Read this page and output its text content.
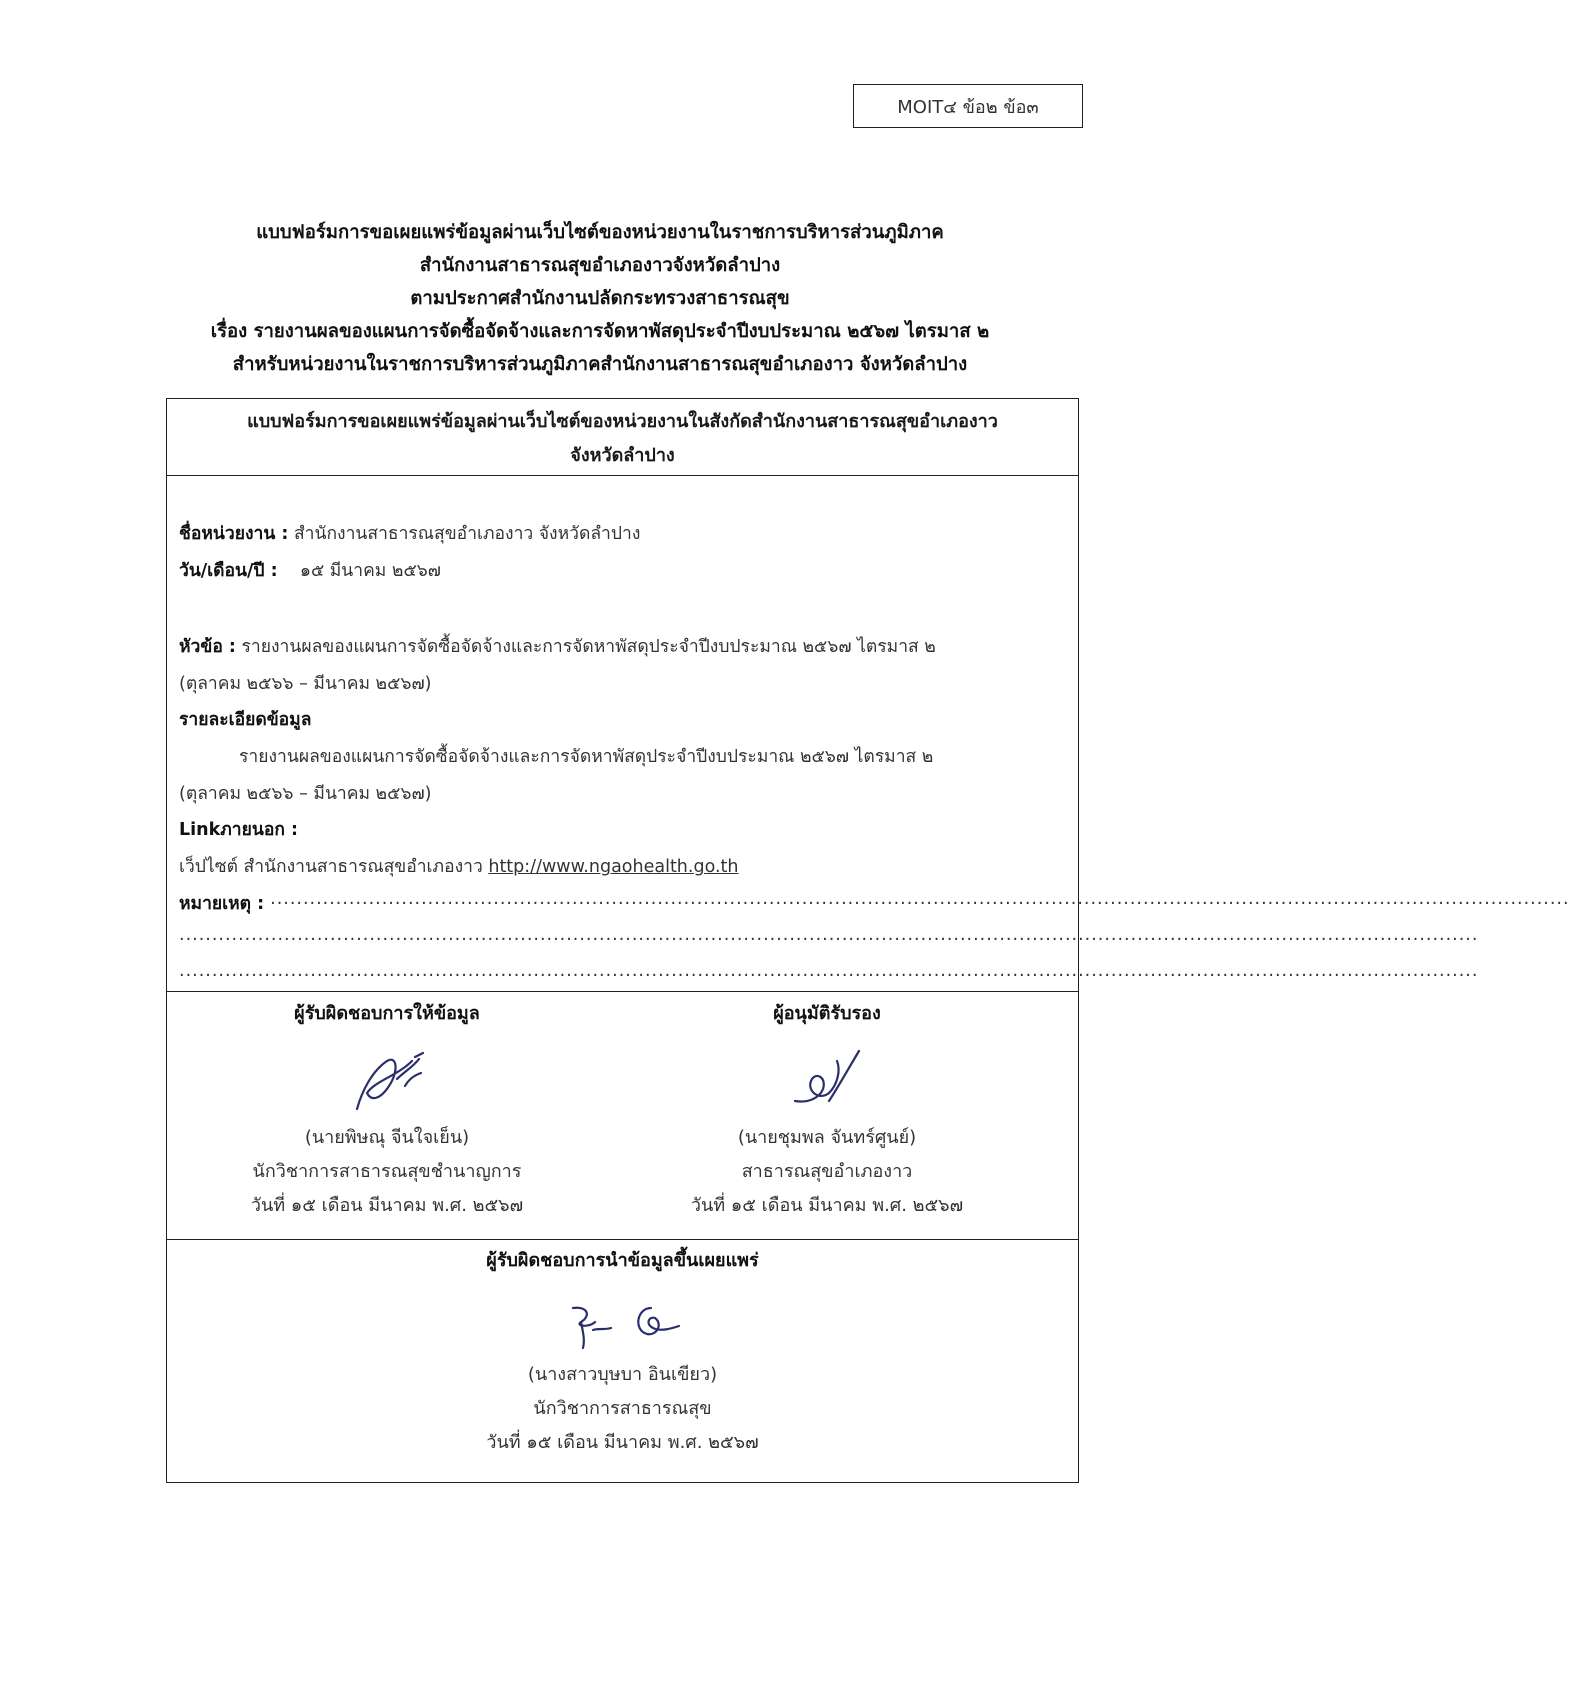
MOIT๔ ข้อ๒ ข้อ๓
แบบฟอร์มการขอเผยแพร่ข้อมูลผ่านเว็บไซต์ของหน่วยงานในราชการบริหารส่วนภูมิภาค
สำนักงานสาธารณสุขอำเภองาวจังหวัดลำปาง
ตามประกาศสำนักงานปลัดกระทรวงสาธารณสุข
เรื่อง รายงานผลของแผนการจัดซื้อจัดจ้างและการจัดหาพัสดุประจำปีงบประมาณ ๒๕๖๗ ไตรมาส ๒
สำหรับหน่วยงานในราชการบริหารส่วนภูมิภาคสำนักงานสาธารณสุขอำเภองาว จังหวัดลำปาง
แบบฟอร์มการขอเผยแพร่ข้อมูลผ่านเว็บไซต์ของหน่วยงานในสังกัดสำนักงานสาธารณสุขอำเภองาว
จังหวัดลำปาง
ชื่อหน่วยงาน : สำนักงานสาธารณสุขอำเภองาว จังหวัดลำปาง
วัน/เดือน/ปี : ๑๕ มีนาคม ๒๕๖๗
หัวข้อ : รายงานผลของแผนการจัดซื้อจัดจ้างและการจัดหาพัสดุประจำปีงบประมาณ ๒๕๖๗ ไตรมาส ๒
(ตุลาคม ๒๕๖๖ – มีนาคม ๒๕๖๗)
รายละเอียดข้อมูล
รายงานผลของแผนการจัดซื้อจัดจ้างและการจัดหาพัสดุประจำปีงบประมาณ ๒๕๖๗ ไตรมาส ๒
(ตุลาคม ๒๕๖๖ – มีนาคม ๒๕๖๗)
Linkภายนอก :
เว็ปไซต์ สำนักงานสาธารณสุขอำเภองาว http://www.ngaohealth.go.th
หมายเหตุ : ......................................................................................................................................................................................................
......................................................................................................................................................................................................
......................................................................................................................................................................................................
ผู้รับผิดชอบการให้ข้อมูล
(นายพิษณุ จีนใจเย็น)
นักวิชาการสาธารณสุขชำนาญการ
วันที่ ๑๕ เดือน มีนาคม พ.ศ. ๒๕๖๗
ผู้อนุมัติรับรอง
(นายชุมพล จันทร์ศูนย์)
สาธารณสุขอำเภองาว
วันที่ ๑๕ เดือน มีนาคม พ.ศ. ๒๕๖๗
ผู้รับผิดชอบการนำข้อมูลขึ้นเผยแพร่
(นางสาวบุษบา อินเขียว)
นักวิชาการสาธารณสุข
วันที่ ๑๕ เดือน มีนาคม พ.ศ. ๒๕๖๗
